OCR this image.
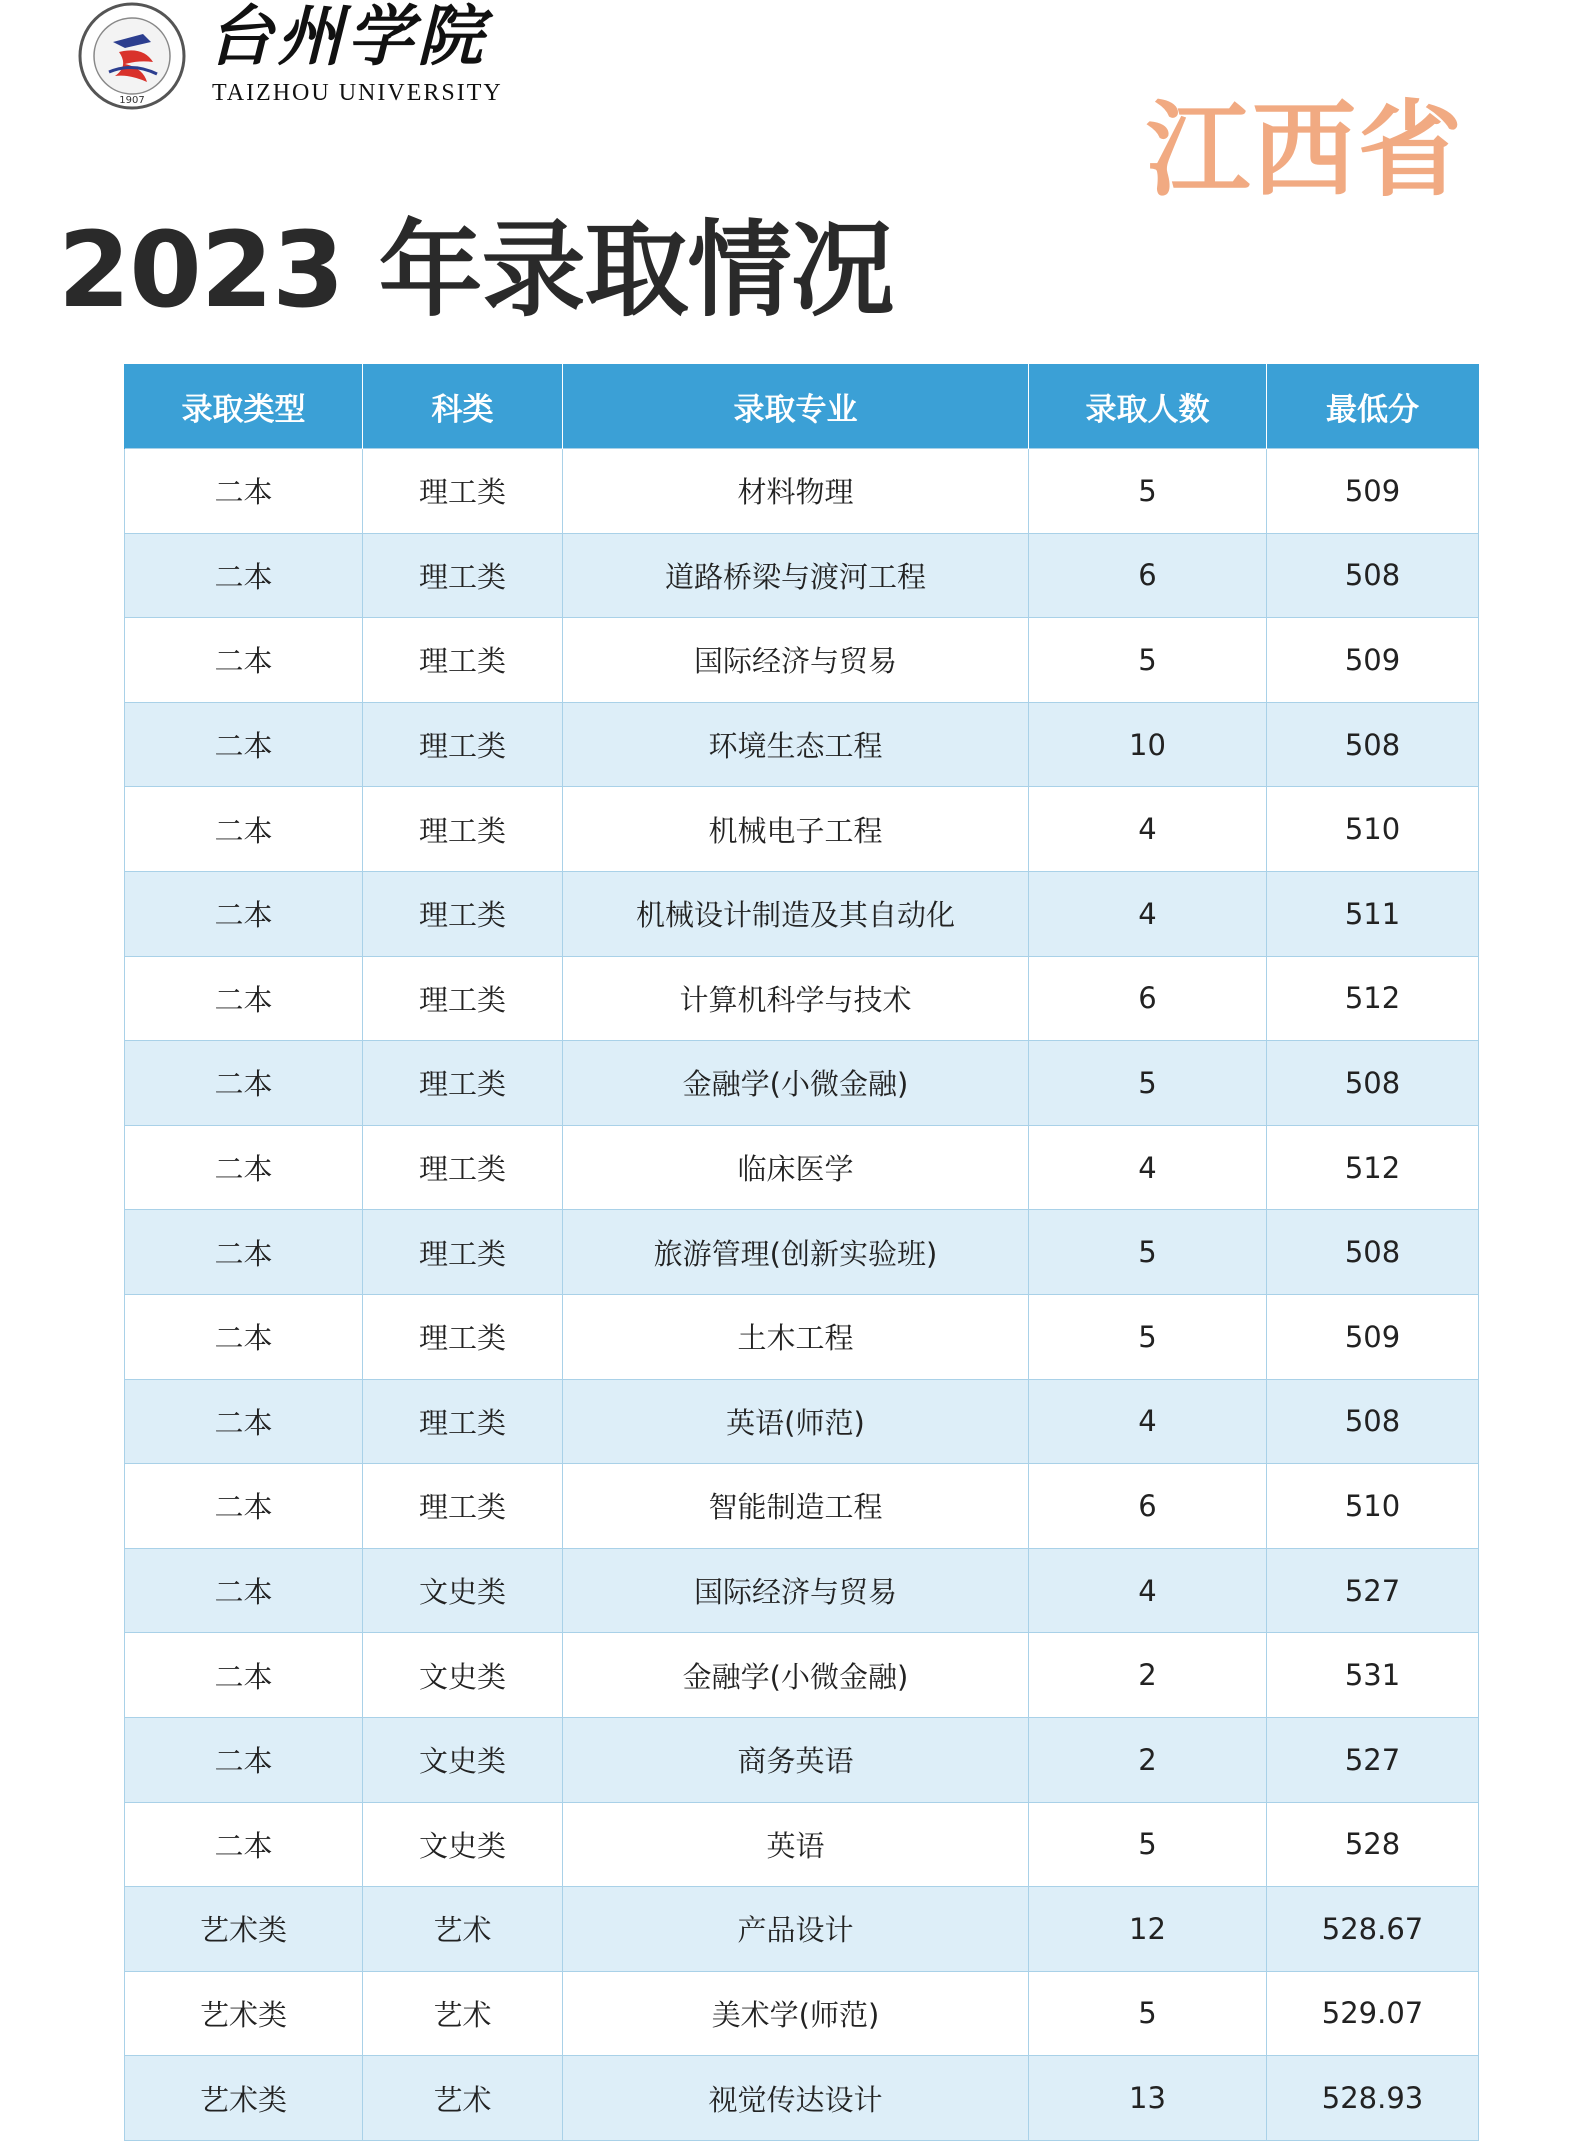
1907
台州学院
TAIZHOU UNIVERSITY	江西省
2023 年录取情况
录取类型	科类	录取专业	录取人数	最低分
二本	理工类	材料物理	5	509
二本	理工类	道路桥梁与渡河工程	6	508
二本	理工类	国际经济与贸易	5	509
二本	理工类	环境生态工程	10	508
二本	理工类	机械电子工程	4	510
二本	理工类	机械设计制造及其自动化	4	511
二本	理工类	计算机科学与技术	6	512
二本	理工类	金融学(小微金融)	5	508
二本	理工类	临床医学	4	512
二本	理工类	旅游管理(创新实验班)	5	508
二本	理工类	土木工程	5	509
二本	理工类	英语(师范)	4	508
二本	理工类	智能制造工程	6	510
二本	文史类	国际经济与贸易	4	527
二本	文史类	金融学(小微金融)	2	531
二本	文史类	商务英语	2	527
二本	文史类	英语	5	528
艺术类	艺术	产品设计	12	528.67
艺术类	艺术	美术学(师范)	5	529.07
艺术类	艺术	视觉传达设计	13	528.93
